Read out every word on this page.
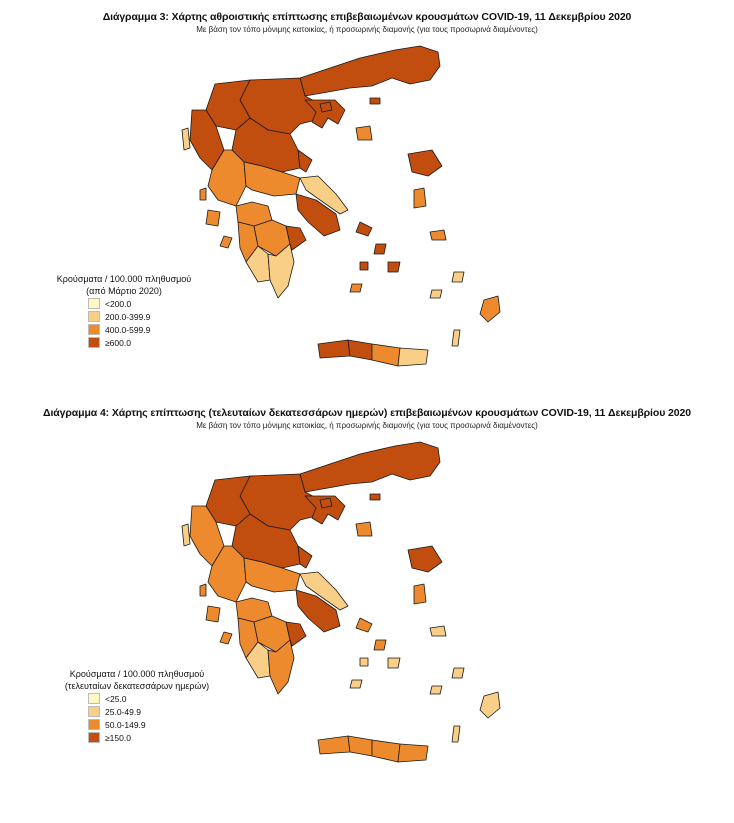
Διάγραμμα 3: Χάρτης αθροιστικής επίπτωσης επιβεβαιωμένων κρουσμάτων COVID-19, 11 Δεκεμβρίου 2020
Με βάση τον τόπο μόνιμης κατοικίας, ή προσωρινής διαμονής (για τους προσωρινά διαμένοντες)
Κρούσματα / 100.000 πληθυσμού
(από Μάρτιο 2020)
<200.0
200.0-399.9
400.0-599.9
≥600.0
Διάγραμμα 4: Χάρτης επίπτωσης (τελευταίων δεκατεσσάρων ημερών) επιβεβαιωμένων κρουσμάτων COVID-19, 11 Δεκεμβρίου 2020
Με βάση τον τόπο μόνιμης κατοικίας, ή προσωρινής διαμονής (για τους προσωρινά διαμένοντες)
Κρούσματα / 100.000 πληθυσμού
(τελευταίων δεκατεσσάρων ημερών)
<25.0
25.0-49.9
50.0-149.9
≥150.0
